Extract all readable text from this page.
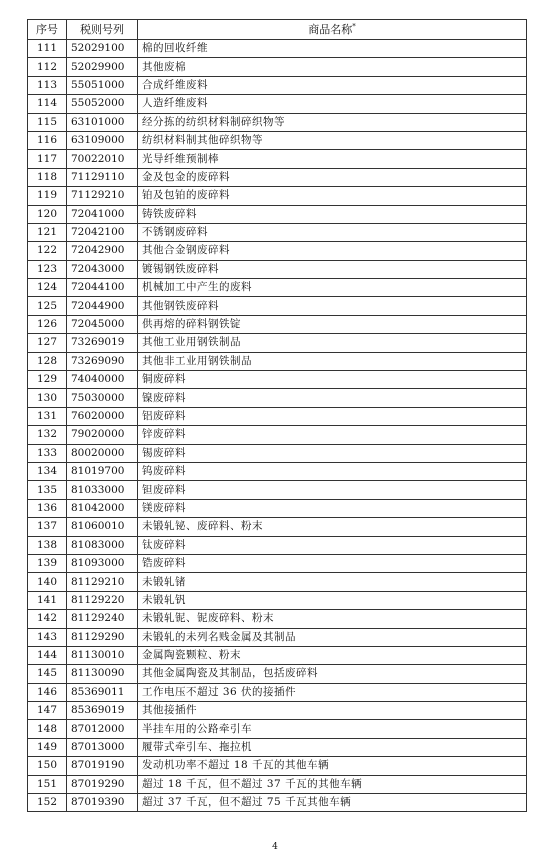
序号	税则号列	商品名称*
111	52029100	棉的回收纤维
112	52029900	其他废棉
113	55051000	合成纤维废料
114	55052000	人造纤维废料
115	63101000	经分拣的纺织材料制碎织物等
116	63109000	纺织材料制其他碎织物等
117	70022010	光导纤维预制棒
118	71129110	金及包金的废碎料
119	71129210	铂及包铂的废碎料
120	72041000	铸铁废碎料
121	72042100	不锈钢废碎料
122	72042900	其他合金钢废碎料
123	72043000	镀锡钢铁废碎料
124	72044100	机械加工中产生的废料
125	72044900	其他钢铁废碎料
126	72045000	供再熔的碎料钢铁锭
127	73269019	其他工业用钢铁制品
128	73269090	其他非工业用钢铁制品
129	74040000	铜废碎料
130	75030000	镍废碎料
131	76020000	铝废碎料
132	79020000	锌废碎料
133	80020000	锡废碎料
134	81019700	钨废碎料
135	81033000	钽废碎料
136	81042000	镁废碎料
137	81060010	未锻轧铋、废碎料、粉末
138	81083000	钛废碎料
139	81093000	锆废碎料
140	81129210	未锻轧锗
141	81129220	未锻轧钒
142	81129240	未锻轧铌、铌废碎料、粉末
143	81129290	未锻轧的未列名贱金属及其制品
144	81130010	金属陶瓷颗粒、粉末
145	81130090	其他金属陶瓷及其制品，包括废碎料
146	85369011	工作电压不超过 36 伏的接插件
147	85369019	其他接插件
148	87012000	半挂车用的公路牵引车
149	87013000	履带式牵引车、拖拉机
150	87019190	发动机功率不超过 18 千瓦的其他车辆
151	87019290	超过 18 千瓦，但不超过 37 千瓦的其他车辆
152	87019390	超过 37 千瓦，但不超过 75 千瓦其他车辆
4
